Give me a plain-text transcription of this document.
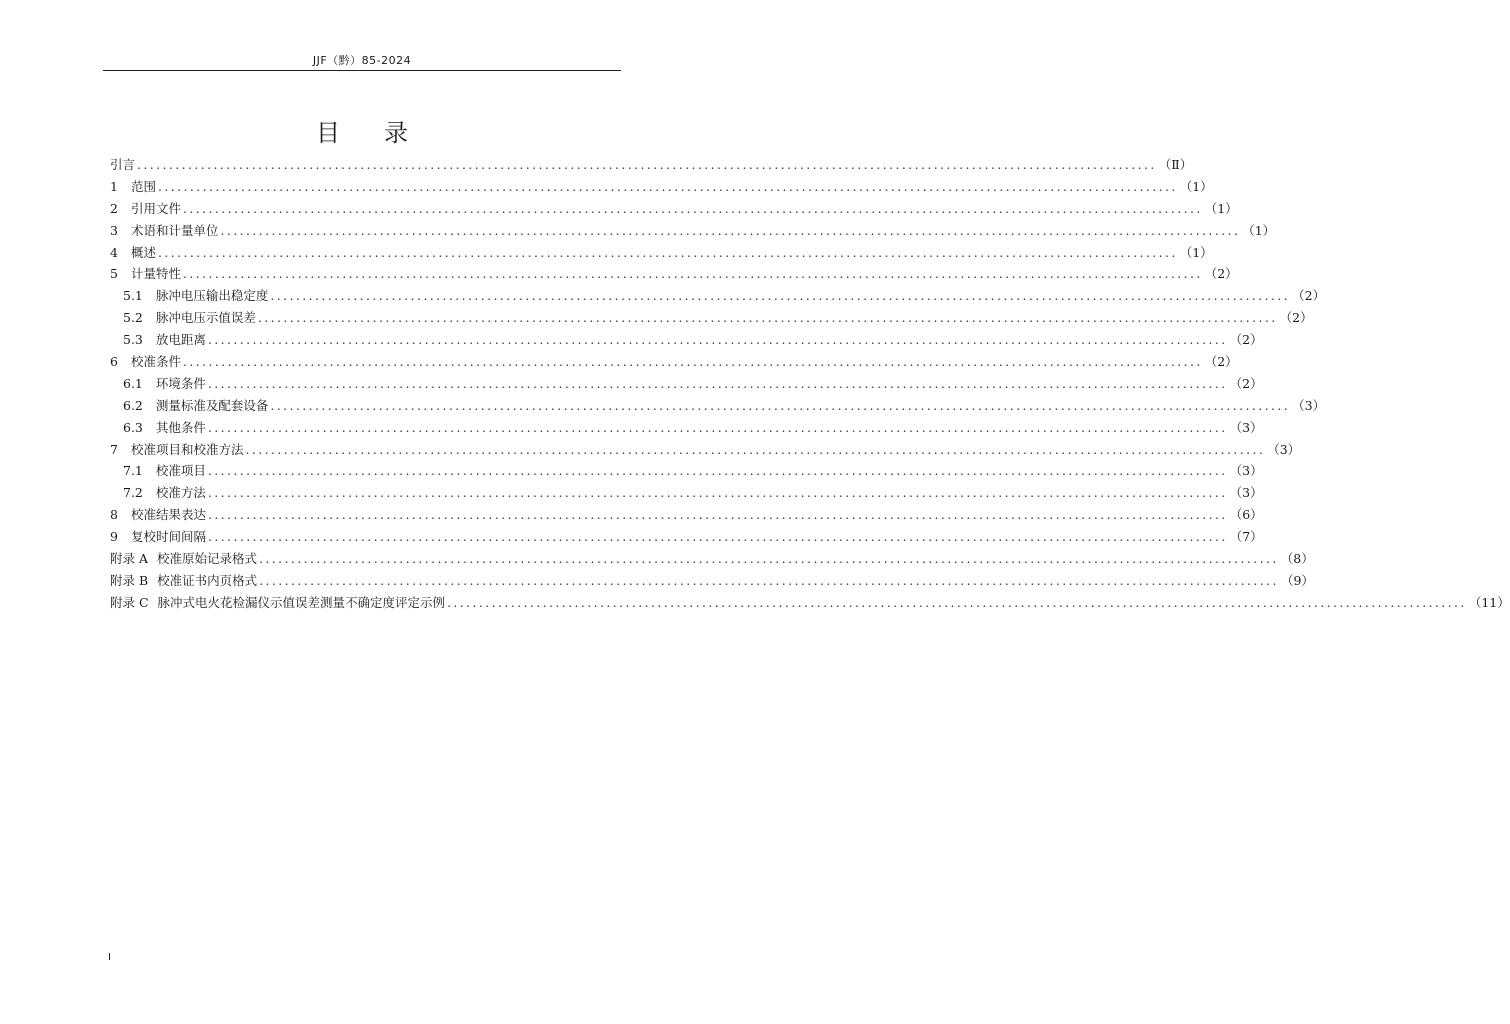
JJF（黔）85-2024
目录
引言 ................................................................................................................................................................ （Ⅱ）
1 范围 ................................................................................................................................................................ （1）
2 引用文件 ................................................................................................................................................................ （1）
3 术语和计量单位 ................................................................................................................................................................ （1）
4 概述 ................................................................................................................................................................ （1）
5 计量特性 ................................................................................................................................................................ （2）
5.1 脉冲电压输出稳定度 ................................................................................................................................................................ （2）
5.2 脉冲电压示值误差 ................................................................................................................................................................ （2）
5.3 放电距离 ................................................................................................................................................................ （2）
6 校准条件 ................................................................................................................................................................ （2）
6.1 环境条件 ................................................................................................................................................................ （2）
6.2 测量标准及配套设备 ................................................................................................................................................................ （3）
6.3 其他条件 ................................................................................................................................................................ （3）
7 校准项目和校准方法 ................................................................................................................................................................ （3）
7.1 校准项目 ................................................................................................................................................................ （3）
7.2 校准方法 ................................................................................................................................................................ （3）
8 校准结果表达 ................................................................................................................................................................ （6）
9 复校时间间隔 ................................................................................................................................................................ （7）
附录 A 校准原始记录格式 ................................................................................................................................................................ （8）
附录 B 校准证书内页格式 ................................................................................................................................................................ （9）
附录 C 脉冲式电火花检漏仪示值误差测量不确定度评定示例 ................................................................................................................................................................ （11）
I
